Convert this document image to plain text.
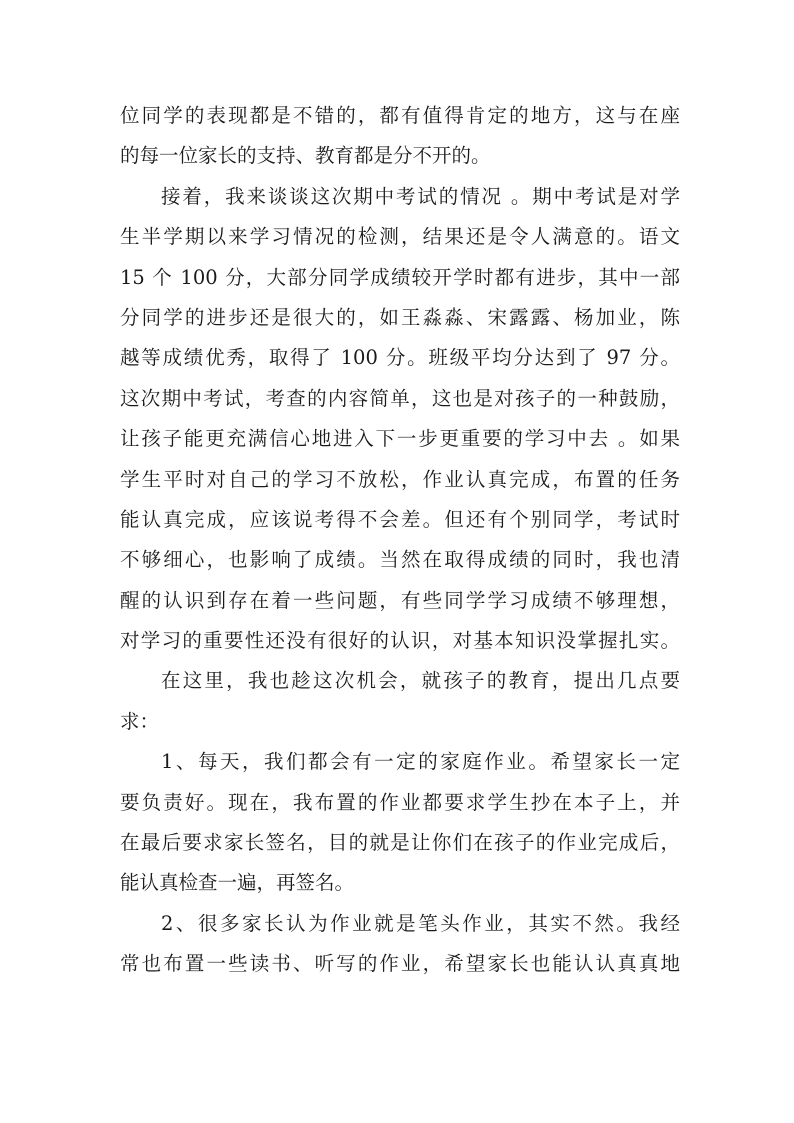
位同学的表现都是不错的，都有值得肯定的地方，这与在座
的每一位家长的支持、教育都是分不开的。
接着，我来谈谈这次期中考试的情况 。期中考试是对学
生半学期以来学习情况的检测，结果还是令人满意的。语文
15 个 100 分，大部分同学成绩较开学时都有进步，其中一部
分同学的进步还是很大的，如王淼淼、宋露露、杨加业，陈
越等成绩优秀，取得了 100 分。班级平均分达到了 97 分。
这次期中考试，考查的内容简单，这也是对孩子的一种鼓励，
让孩子能更充满信心地进入下一步更重要的学习中去 。如果
学生平时对自己的学习不放松，作业认真完成，布置的任务
能认真完成，应该说考得不会差。但还有个别同学，考试时
不够细心，也影响了成绩。当然在取得成绩的同时，我也清
醒的认识到存在着一些问题，有些同学学习成绩不够理想，
对学习的重要性还没有很好的认识，对基本知识没掌握扎实。
在这里，我也趁这次机会，就孩子的教育，提出几点要
求：
1、每天，我们都会有一定的家庭作业。希望家长一定
要负责好。现在，我布置的作业都要求学生抄在本子上，并
在最后要求家长签名，目的就是让你们在孩子的作业完成后，
能认真检查一遍，再签名。
2、很多家长认为作业就是笔头作业，其实不然。我经
常也布置一些读书、听写的作业，希望家长也能认认真真地
